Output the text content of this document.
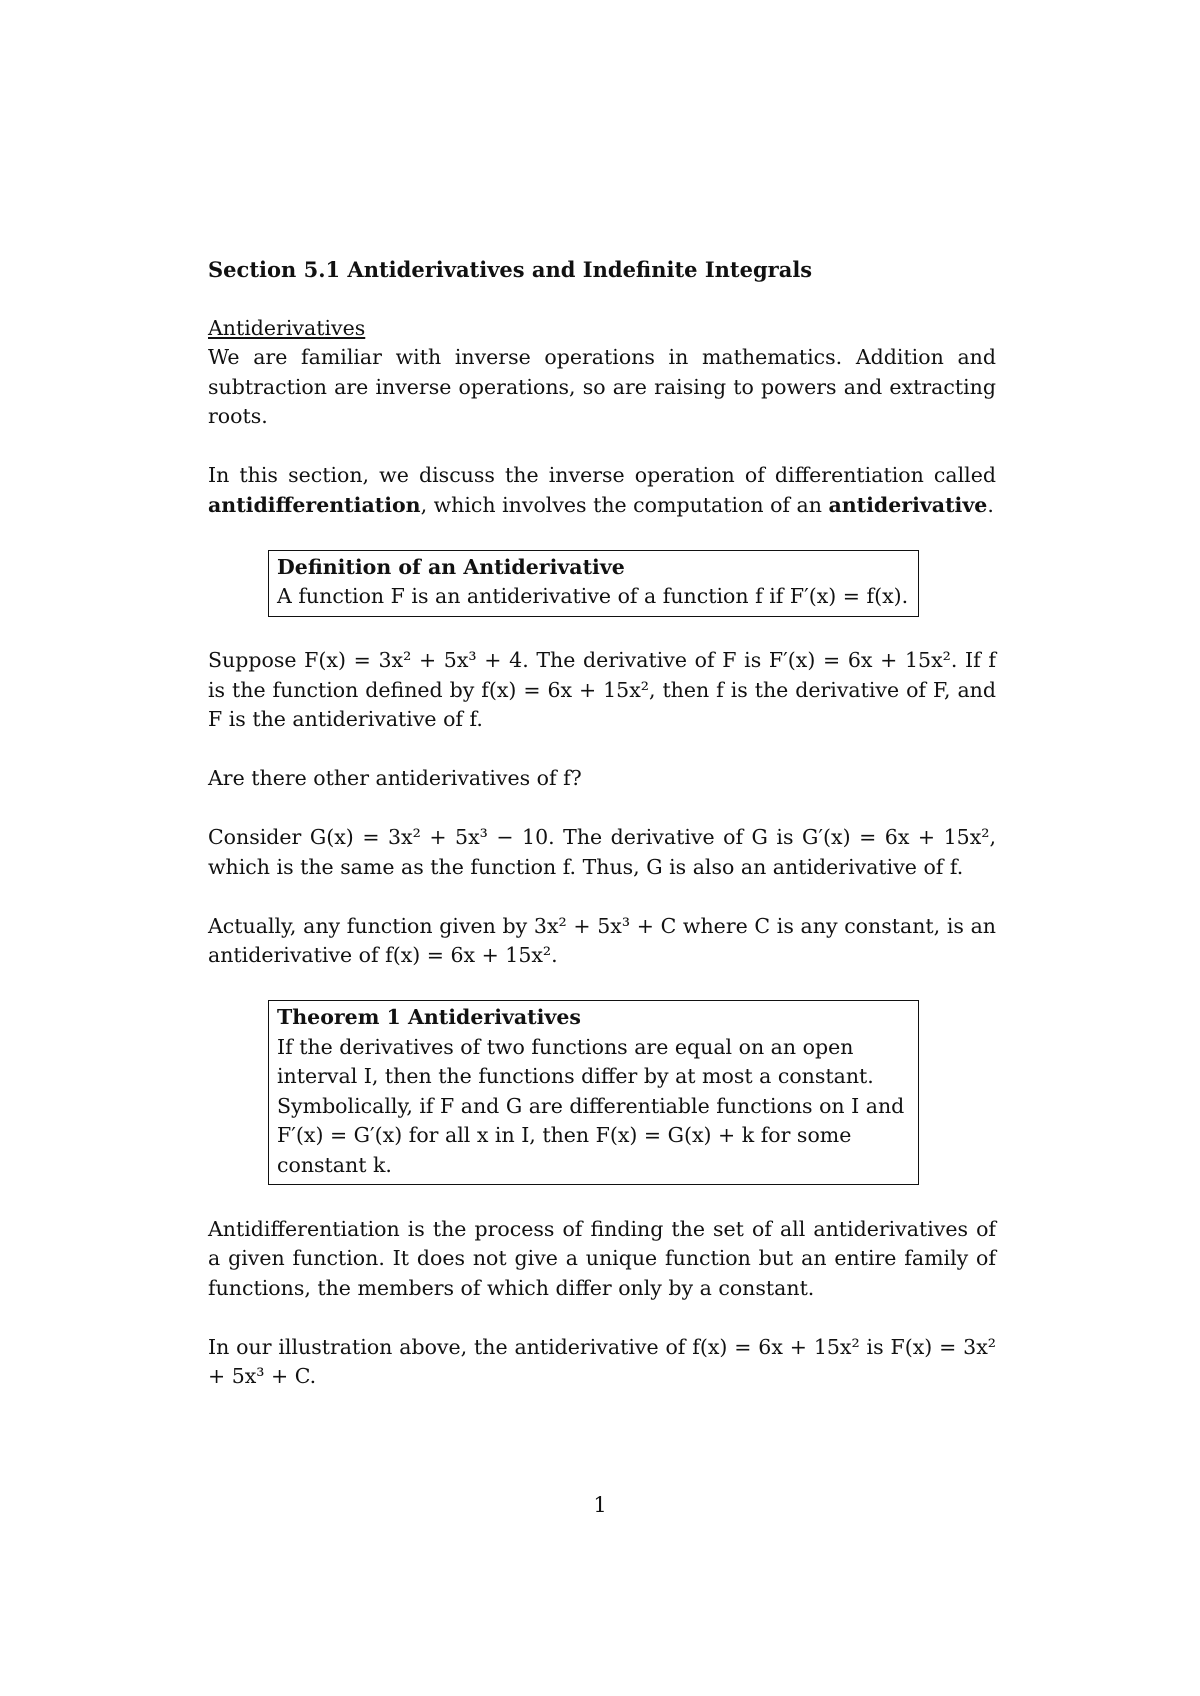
Section 5.1 Antiderivatives and Indefinite Integrals
Antiderivatives

We are familiar with inverse operations in mathematics. Addition and subtraction are inverse operations, so are raising to powers and extracting roots.

In this section, we discuss the inverse operation of differentiation called antidifferentiation, which involves the computation of an antiderivative.

Definition of an Antiderivative
A function F is an antiderivative of a function f if F′(x) = f(x).

Suppose F(x) = 3x² + 5x³ + 4. The derivative of F is F′(x) = 6x + 15x². If f is the function defined by f(x) = 6x + 15x², then f is the derivative of F, and F is the antiderivative of f.

Are there other antiderivatives of f?

Consider G(x) = 3x² + 5x³ − 10. The derivative of G is G′(x) = 6x + 15x², which is the same as the function f. Thus, G is also an antiderivative of f.

Actually, any function given by 3x² + 5x³ + C where C is any constant, is an antiderivative of f(x) = 6x + 15x².

Theorem 1 Antiderivatives
If the derivatives of two functions are equal on an open interval I, then the functions differ by at most a constant. Symbolically, if F and G are differentiable functions on I and F′(x) = G′(x) for all x in I, then F(x) = G(x) + k for some constant k.

Antidifferentiation is the process of finding the set of all antiderivatives of a given function. It does not give a unique function but an entire family of functions, the members of which differ only by a constant.

In our illustration above, the antiderivative of f(x) = 6x + 15x² is F(x) = 3x² + 5x³ + C.

1
